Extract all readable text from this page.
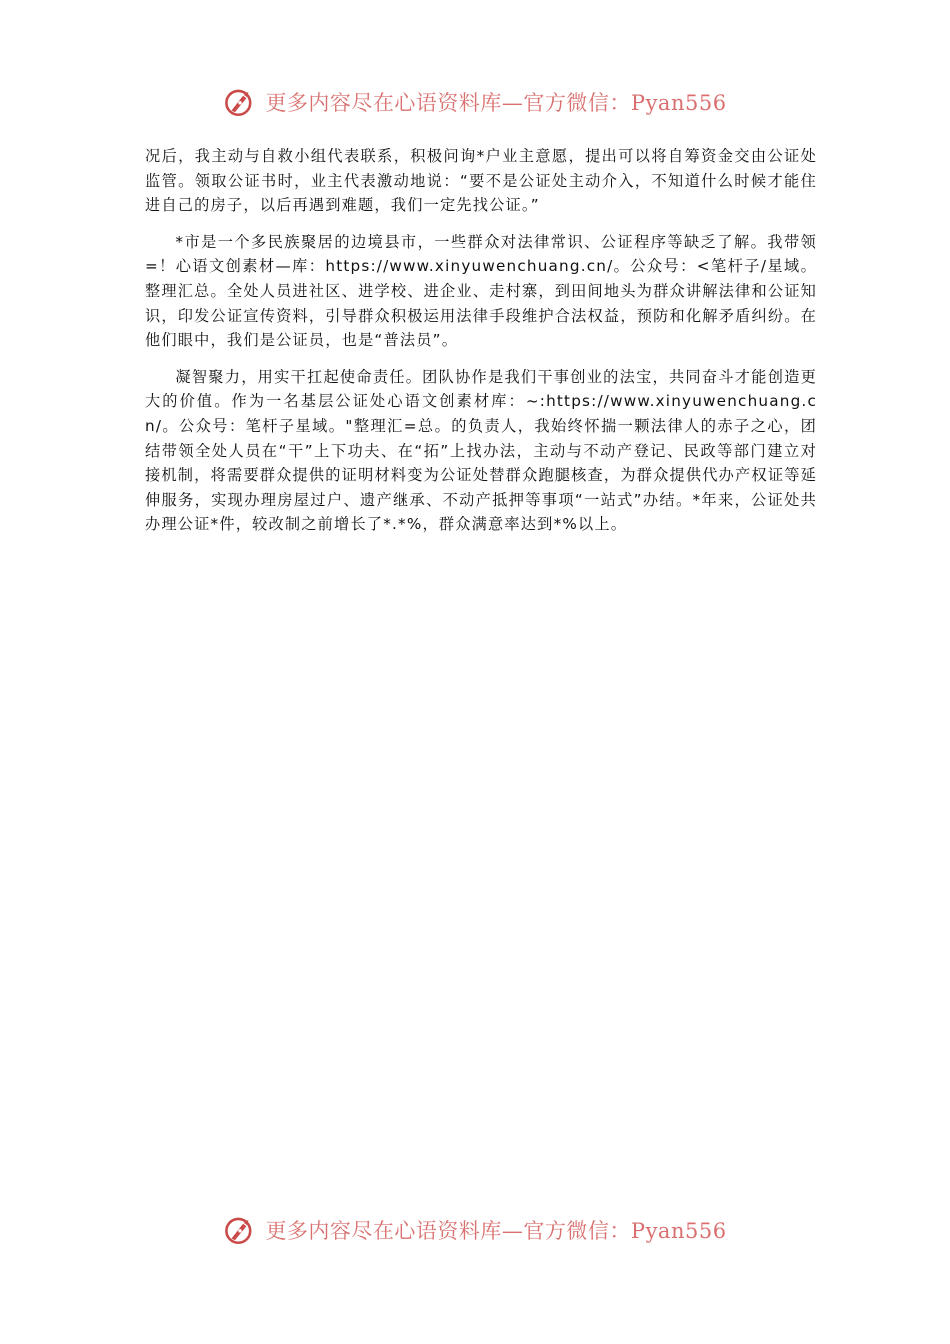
更多内容尽在心语资料库—官方微信：Pyan556

况后，我主动与自救小组代表联系，积极问询*户业主意愿，提出可以将自筹资金交由公证处监管。领取公证书时，业主代表激动地说：“要不是公证处主动介入，不知道什么时候才能住进自己的房子，以后再遇到难题，我们一定先找公证。”

*市是一个多民族聚居的边境县市，一些群众对法律常识、公证程序等缺乏了解。我带领=！心语文创素材—库：https://www.xinyuwenchuang.cn/。公众号：<笔杆子/星域。整理汇总。全处人员进社区、进学校、进企业、走村寨，到田间地头为群众讲解法律和公证知识，印发公证宣传资料，引导群众积极运用法律手段维护合法权益，预防和化解矛盾纠纷。在他们眼中，我们是公证员，也是“普法员”。

凝智聚力，用实干扛起使命责任。团队协作是我们干事创业的法宝，共同奋斗才能创造更大的价值。作为一名基层公证处心语文创素材库：~:https://www.xinyuwenchuang.cn/。公众号：笔杆子星域。"整理汇=总。的负责人，我始终怀揣一颗法律人的赤子之心，团结带领全处人员在“干”上下功夫、在“拓”上找办法，主动与不动产登记、民政等部门建立对接机制，将需要群众提供的证明材料变为公证处替群众跑腿核查，为群众提供代办产权证等延伸服务，实现办理房屋过户、遗产继承、不动产抵押等事项“一站式”办结。*年来，公证处共办理公证*件，较改制之前增长了*.*%，群众满意率达到*%以上。

更多内容尽在心语资料库—官方微信：Pyan556
